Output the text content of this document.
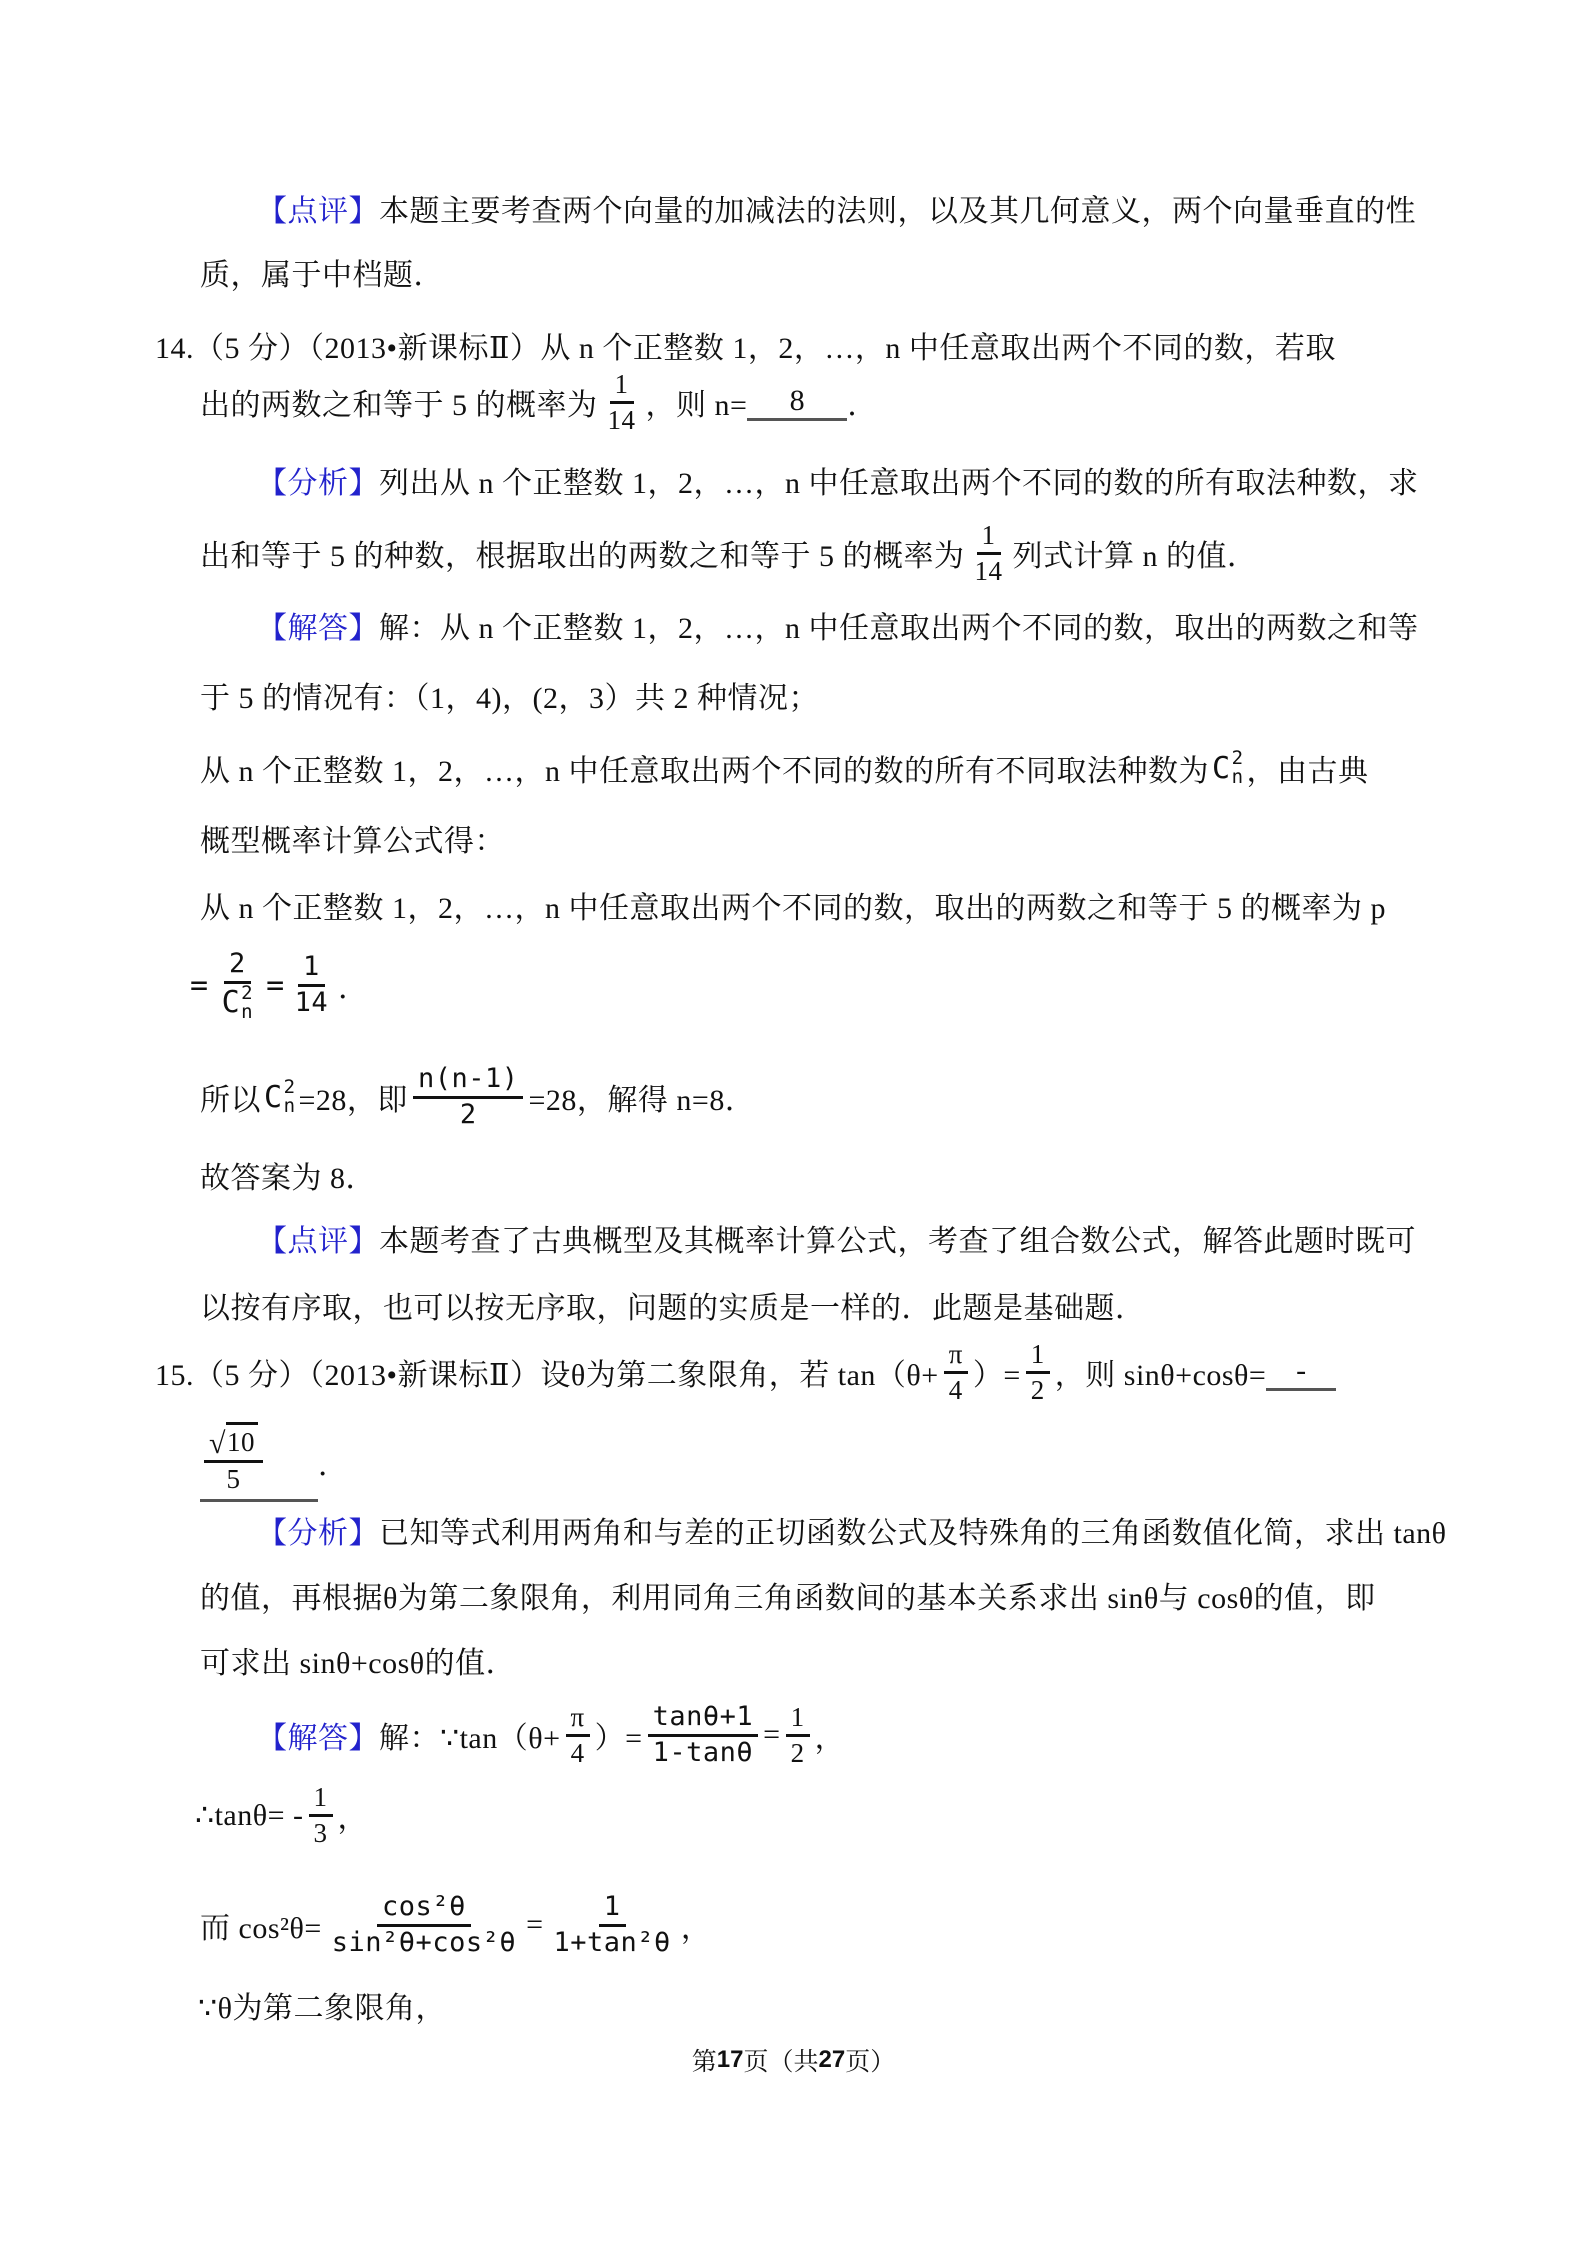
【点评】 本题主要考查两个向量的加减法的法则，以及其几何意义，两个向量垂直的性
质，属于中档题．
14.（5 分）（2013•新课标Ⅱ）从 n 个正整数 1，2，…，n 中任意取出两个不同的数，若取
出的两数之和等于 5 的概率为 $\frac{1}{14}$ ，则 n= 8 ．
【分析】 列出从 n 个正整数 1，2，…，n 中任意取出两个不同的数的所有取法种数，求
出和等于 5 的种数，根据取出的两数之和等于 5 的概率为 $\frac{1}{14}$ 列式计算 n 的值．
【解答】 解：从 n 个正整数 1，2，…，n 中任意取出两个不同的数，取出的两数之和等
于 5 的情况有：（1，4)，(2，3）共 2 种情况；
从 n 个正整数 1，2，…，n 中任意取出两个不同的数的所有不同取法种数为 C 2
n ，由古典
概型概率计算公式得：
从 n 个正整数 1，2，…，n 中任意取出两个不同的数，取出的两数之和等于 5 的概率为 p
= 2
C 2
$n = \frac{1}{14}$ ．
所以 C 2
n =28，即 $\frac{n(n-1)}{2} =28$，解得 n=8．
故答案为 8．
【点评】 本题考查了古典概型及其概率计算公式，考查了组合数公式，解答此题时既可
以按有序取，也可以按无序取，问题的实质是一样的．此题是基础题．
15.（5 分）（2013•新课标Ⅱ）设θ为第二象限角，若 $\tan(\theta+ \frac{\pi}{4}$ ）= $\frac{1}{2}$ ，则 sinθ+cosθ= -
$\frac{√ 10}{5}$ ．
【分析】 已知等式利用两角和与差的正切函数公式及特殊角的三角函数值化简，求出 tanθ
的值，再根据θ为第二象限角，利用同角三角函数间的基本关系求出 sinθ与 cosθ的值，即
可求出 sinθ+cosθ的值．
【解答】 解：∵tan（θ+ $\frac{\pi}{4}$ ）= $\frac{\tan\theta+1}{1-\tan\theta} = \frac{1}{2}$ ，
∴tanθ= - $\frac{1}{3}$ ，
而 $\cos^2\theta= \frac{\text{cos²θ}}{\text{sin²θ+cos²θ}} = \frac{1}{\text{1+tan²θ}}$ ，
∵θ为第二象限角，
第 17 页（共 27 页）
